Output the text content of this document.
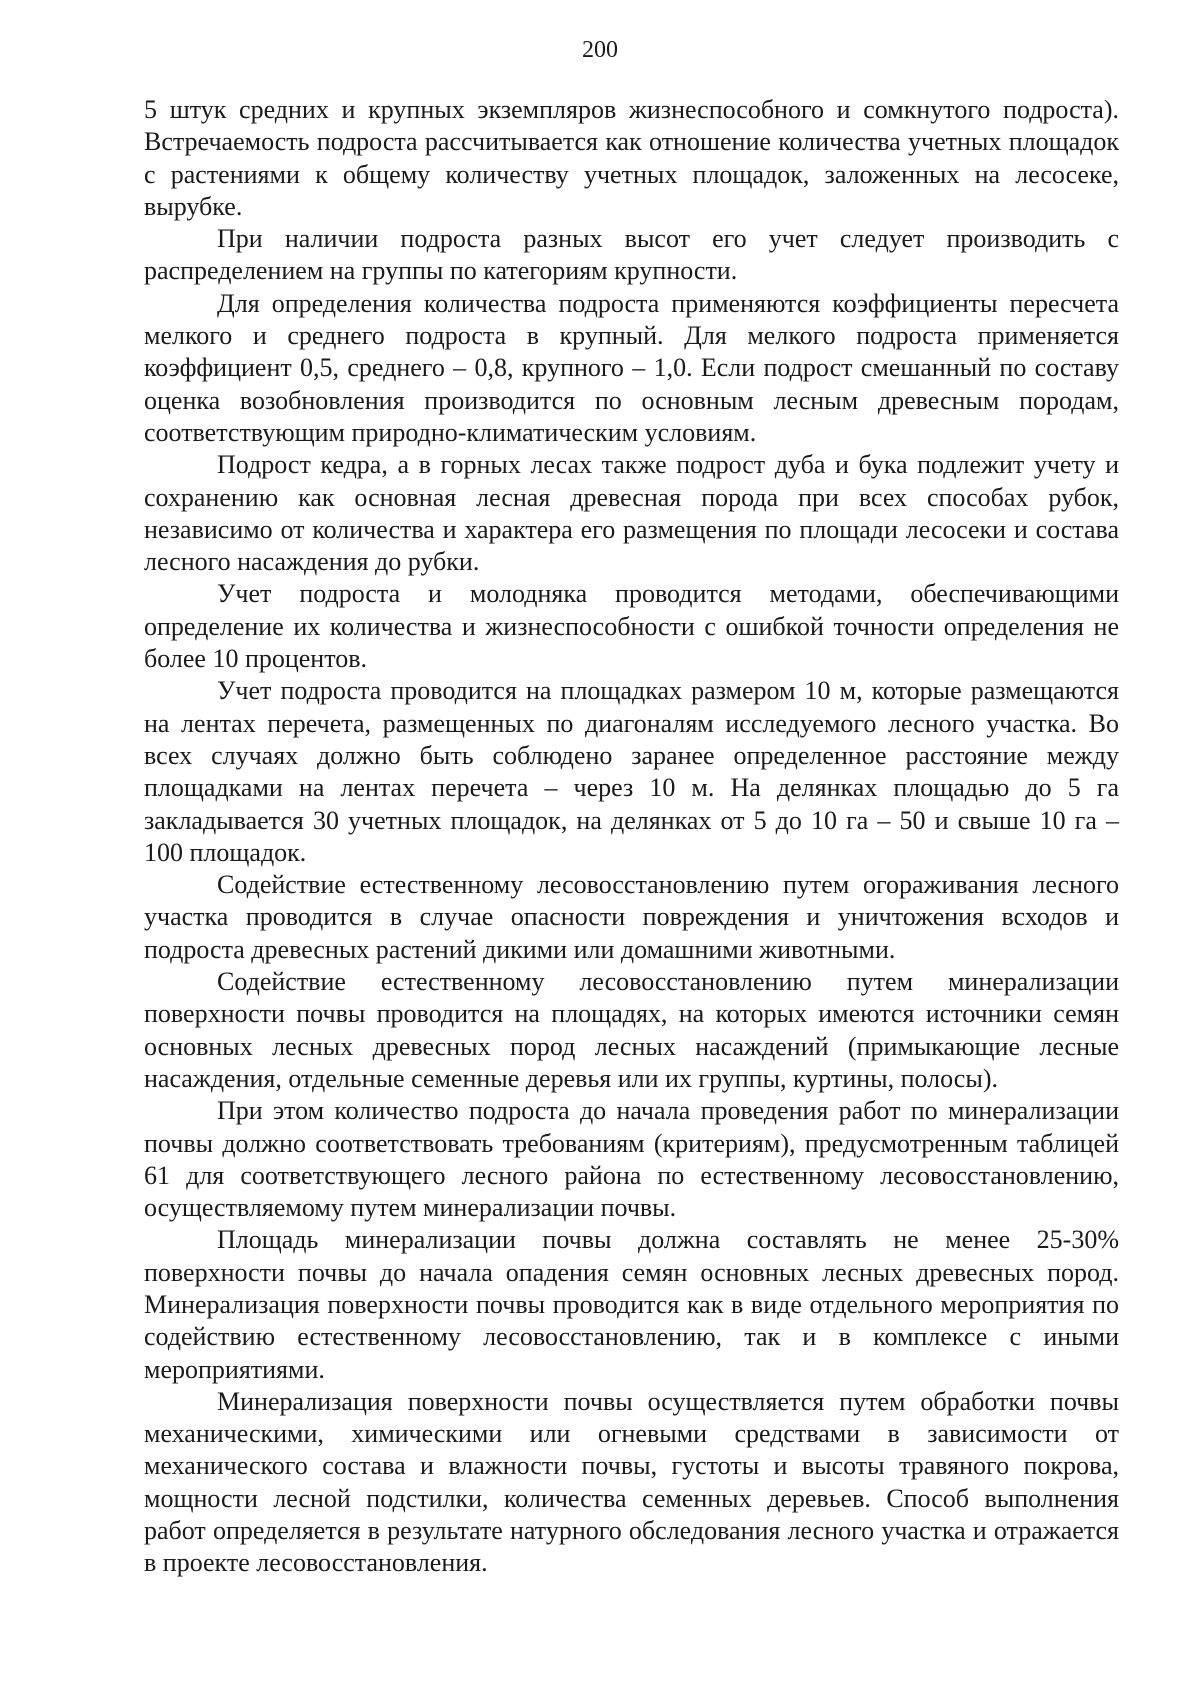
200

5 штук средних и крупных экземпляров жизнеспособного и сомкнутого подроста). Встречаемость подроста рассчитывается как отношение количества учетных площадок с растениями к общему количеству учетных площадок, заложенных на лесосеке, вырубке.

При наличии подроста разных высот его учет следует производить с распределением на группы по категориям крупности.

Для определения количества подроста применяются коэффициенты пересчета мелкого и среднего подроста в крупный. Для мелкого подроста применяется коэффициент 0,5, среднего – 0,8, крупного – 1,0. Если подрост смешанный по составу оценка возобновления производится по основным лесным древесным породам, соответствующим природно-климатическим условиям.

Подрост кедра, а в горных лесах также подрост дуба и бука подлежит учету и сохранению как основная лесная древесная порода при всех способах рубок, независимо от количества и характера его размещения по площади лесосеки и состава лесного насаждения до рубки.

Учет подроста и молодняка проводится методами, обеспечивающими определение их количества и жизнеспособности с ошибкой точности определения не более 10 процентов.

Учет подроста проводится на площадках размером 10 м, которые размещаются на лентах перечета, размещенных по диагоналям исследуемого лесного участка. Во всех случаях должно быть соблюдено заранее определенное расстояние между площадками на лентах перечета – через 10 м. На делянках площадью до 5 га закладывается 30 учетных площадок, на делянках от 5 до 10 га – 50 и свыше 10 га – 100 площадок.

Содействие естественному лесовосстановлению путем огораживания лесного участка проводится в случае опасности повреждения и уничтожения всходов и подроста древесных растений дикими или домашними животными.

Содействие естественному лесовосстановлению путем минерализации поверхности почвы проводится на площадях, на которых имеются источники семян основных лесных древесных пород лесных насаждений (примыкающие лесные насаждения, отдельные семенные деревья или их группы, куртины, полосы).

При этом количество подроста до начала проведения работ по минерализации почвы должно соответствовать требованиям (критериям), предусмотренным таблицей 61 для соответствующего лесного района по естественному лесовосстановлению, осуществляемому путем минерализации почвы.

Площадь минерализации почвы должна составлять не менее 25-30% поверхности почвы до начала опадения семян основных лесных древесных пород. Минерализация поверхности почвы проводится как в виде отдельного мероприятия по содействию естественному лесовосстановлению, так и в комплексе с иными мероприятиями.

Минерализация поверхности почвы осуществляется путем обработки почвы механическими, химическими или огневыми средствами в зависимости от механического состава и влажности почвы, густоты и высоты травяного покрова, мощности лесной подстилки, количества семенных деревьев. Способ выполнения работ определяется в результате натурного обследования лесного участка и отражается в проекте лесовосстановления.
